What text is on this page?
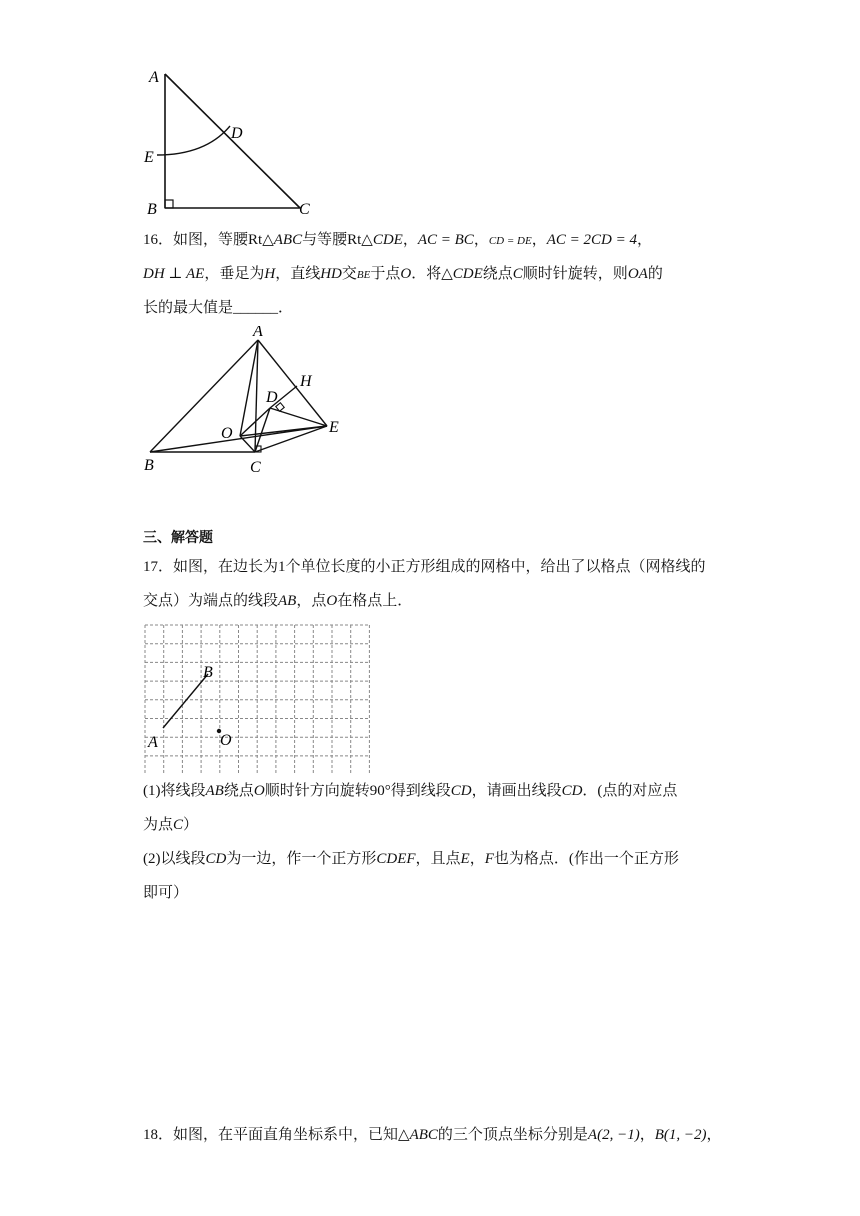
A
D
E
B	C
16．如图，等腰Rt△ABC与等腰Rt△CDE，AC = BC，CD = DE，AC = 2CD = 4，
DH ⊥ AE，垂足为H，直线HD交BE于点O．将△CDE绕点C顺时针旋转，则OA的
长的最大值是______．
A
H
D
O	E
B	C
三、解答题
17．如图，在边长为1个单位长度的小正方形组成的网格中，给出了以格点（网格线的
交点）为端点的线段AB，点O在格点上．
A
B
O
(1)将线段AB绕点O顺时针方向旋转90°得到线段CD，请画出线段CD．(点的对应点
为点C）
(2)以线段CD为一边，作一个正方形CDEF，且点E，F也为格点．(作出一个正方形
即可）
18．如图，在平面直角坐标系中，已知△ABC的三个顶点坐标分别是A(2, −1)，B(1, −2)，
